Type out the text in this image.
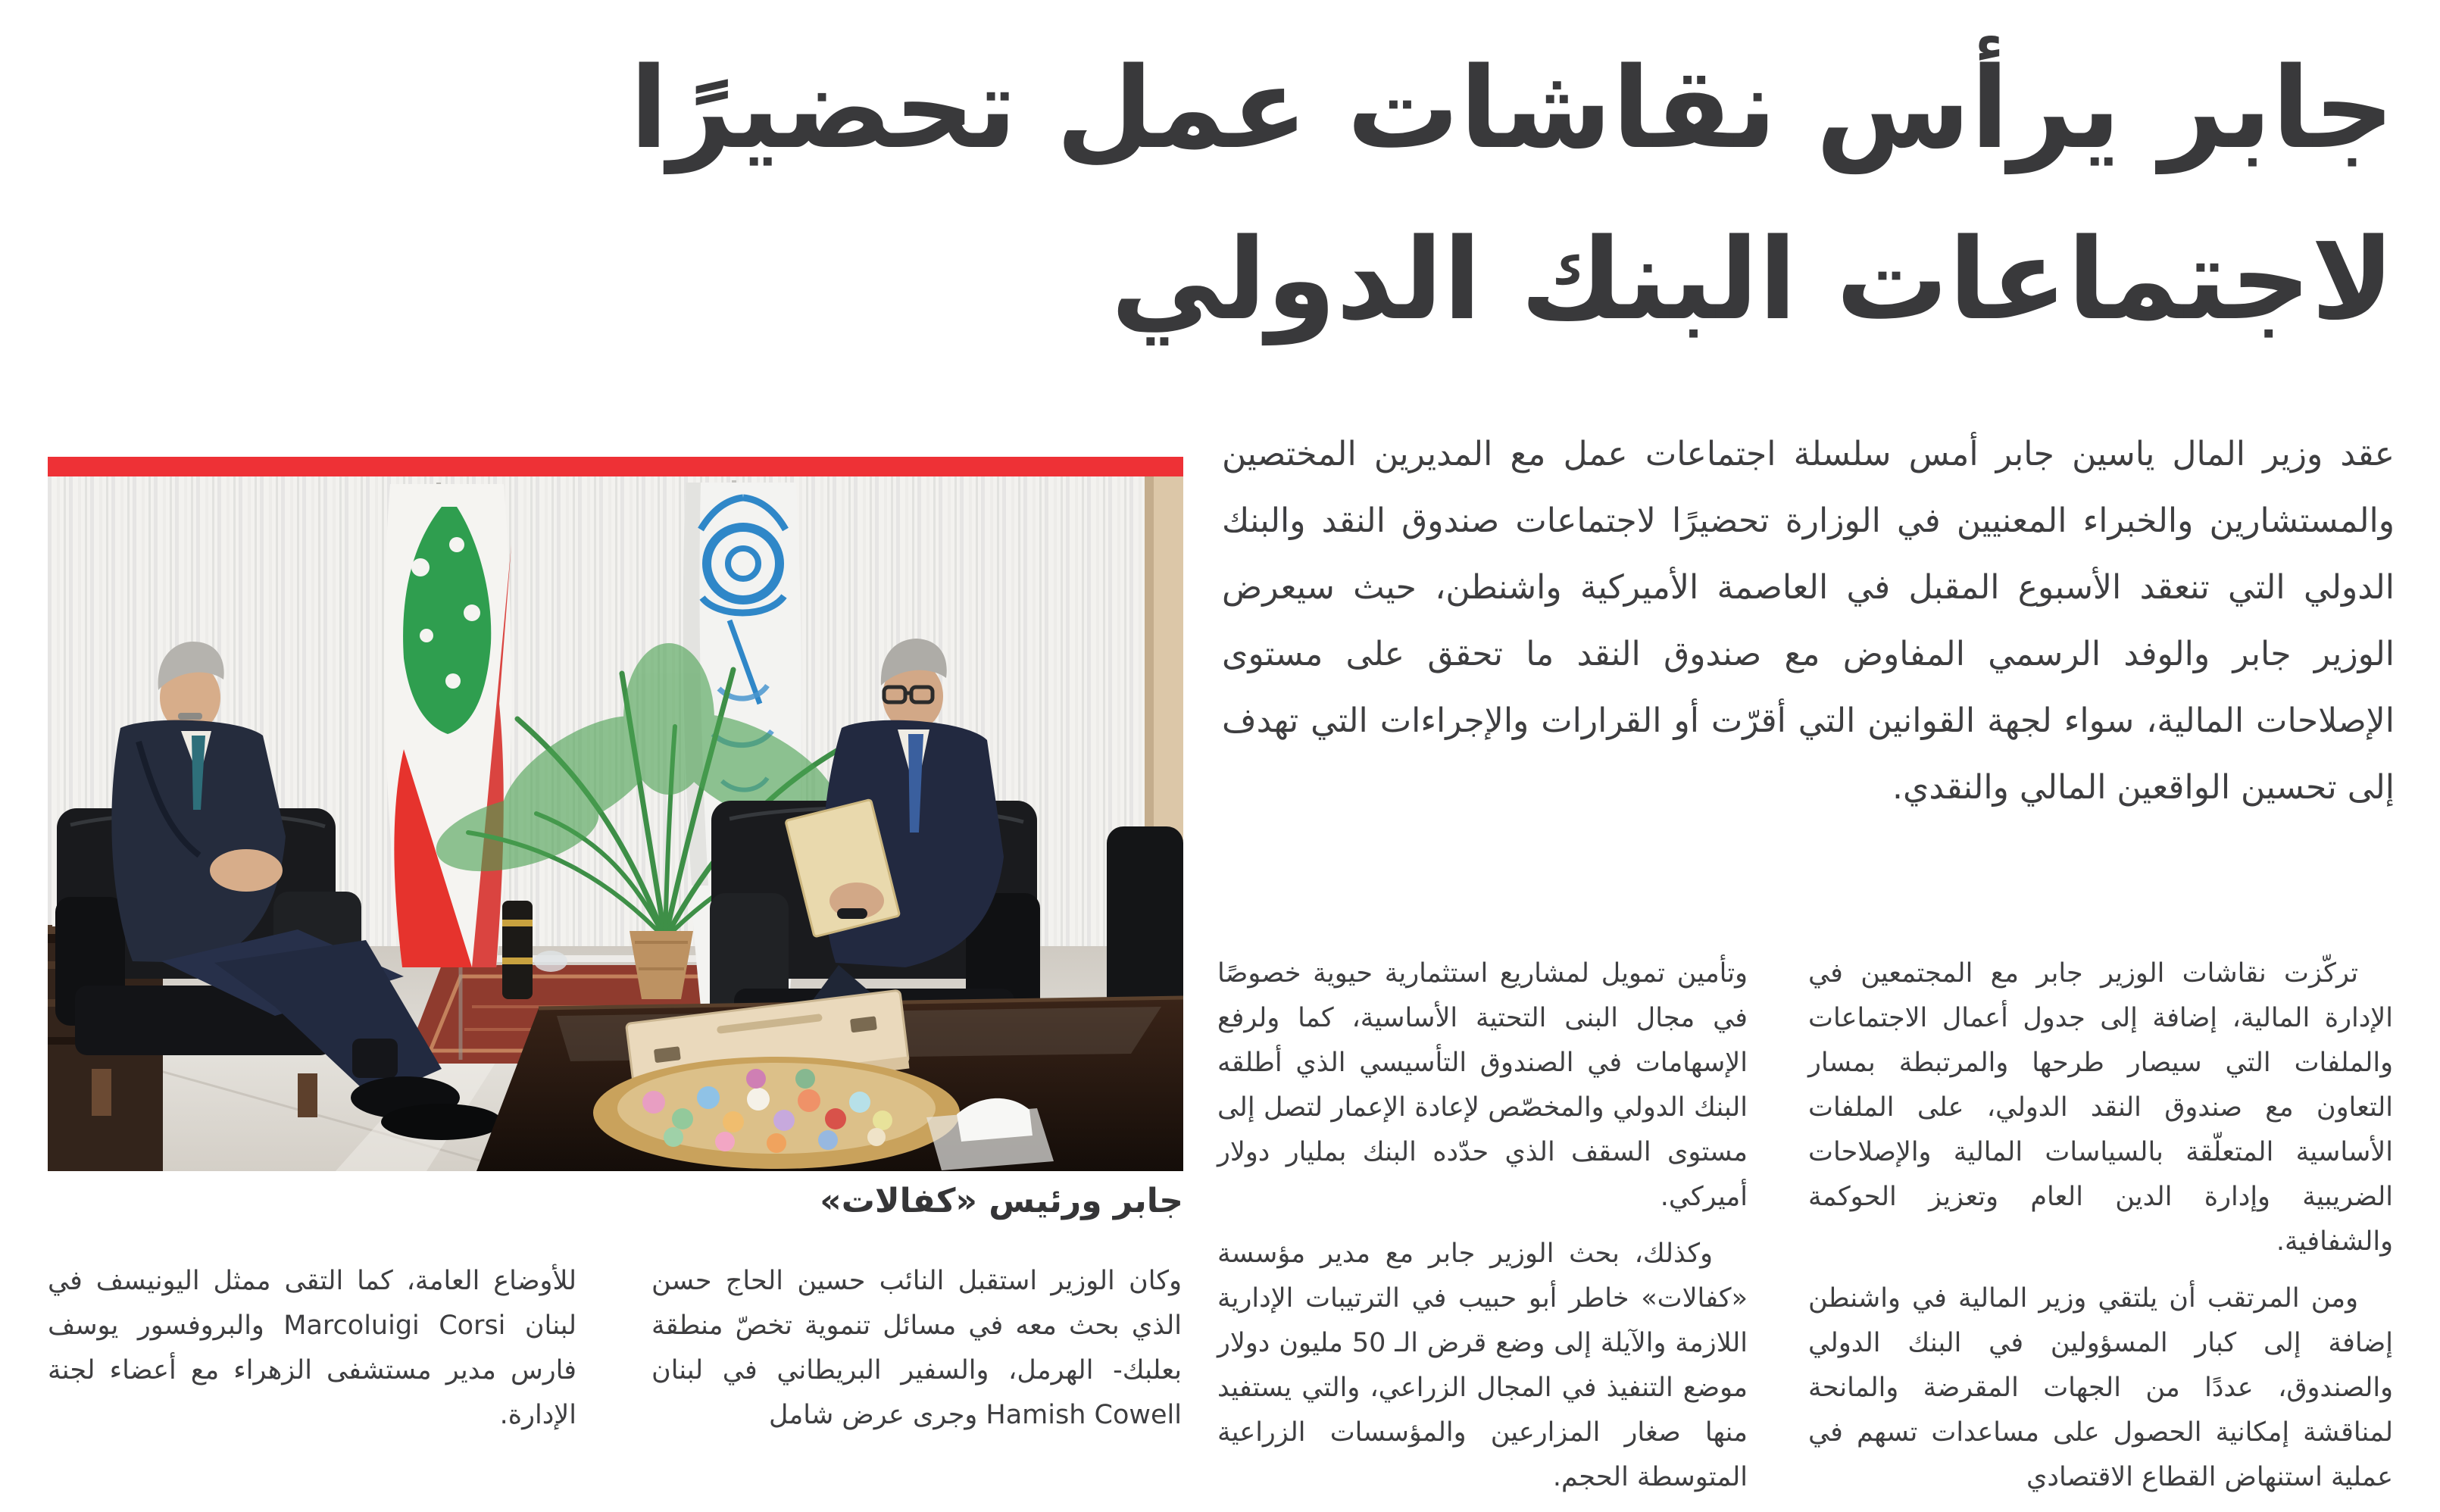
جابر يرأس نقاشات عمل تحضيرًا
لاجتماعات البنك الدولي
عقد وزير المال ياسين جابر أمس سلسلة اجتماعات عمل مع المديرين المختصين والمستشارين والخبراء المعنيين في الوزارة تحضيرًا لاجتماعات صندوق النقد والبنك الدولي التي تنعقد الأسبوع المقبل في العاصمة الأميركية واشنطن، حيث سيعرض الوزير جابر والوفد الرسمي المفاوض مع صندوق النقد ما تحقق على مستوى الإصلاحات المالية، سواء لجهة القوانين التي أقرّت أو القرارات والإجراءات التي تهدف إلى تحسين الواقعين المالي والنقدي.
جابر ورئيس «كفالات»

تركّزت نقاشات الوزير جابر مع المجتمعين في الإدارة المالية، إضافة إلى جدول أعمال الاجتماعات والملفات التي سيصار طرحها والمرتبطة بمسار التعاون مع صندوق النقد الدولي، على الملفات الأساسية المتعلّقة بالسياسات المالية والإصلاحات الضريبية وإدارة الدين العام وتعزيز الحوكمة والشفافية.

ومن المرتقب أن يلتقي وزير المالية في واشنطن إضافة إلى كبار المسؤولين في البنك الدولي والصندوق، عددًا من الجهات المقرضة والمانحة لمناقشة إمكانية الحصول على مساعدات تسهم في عملية استنهاض القطاع الاقتصادي

وتأمين تمويل لمشاريع استثمارية حيوية خصوصًا في مجال البنى التحتية الأساسية، كما ولرفع الإسهامات في الصندوق التأسيسي الذي أطلقه البنك الدولي والمخصّص لإعادة الإعمار لتصل إلى مستوى السقف الذي حدّده البنك بمليار دولار أميركي.

وكذلك، بحث الوزير جابر مع مدير مؤسسة «كفالات» خاطر أبو حبيب في الترتيبات الإدارية اللازمة والآيلة إلى وضع قرض الـ 50 مليون دولار موضع التنفيذ في المجال الزراعي، والتي يستفيد منها صغار المزارعين والمؤسسات الزراعية المتوسطة الحجم.

وكان الوزير استقبل النائب حسين الحاج حسن الذي بحث معه في مسائل تنموية تخصّ منطقة بعلبك- الهرمل، والسفير البريطاني في لبنان Hamish Cowell وجرى عرض شامل

للأوضاع العامة، كما التقى ممثل اليونيسف في لبنان Marcoluigi Corsi والبروفسور يوسف فارس مدير مستشفى الزهراء مع أعضاء لجنة الإدارة.
